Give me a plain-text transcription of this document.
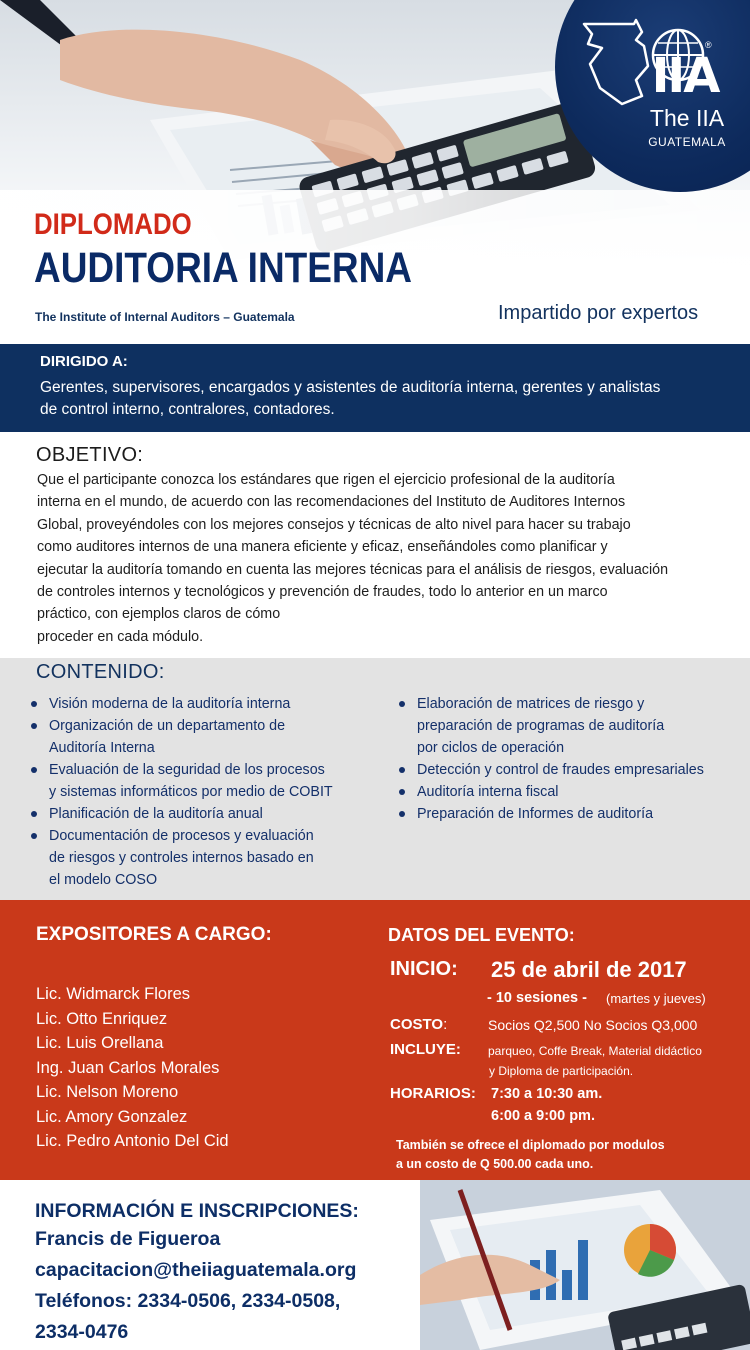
IIA
®
The IIA
GUATEMALA
DIPLOMADO
AUDITORIA INTERNA
The Institute of Internal Auditors – Guatemala	Impartido por expertos
DIRIGIDO A:
Gerentes, supervisores, encargados y asistentes de auditoría interna, gerentes y analistas
de control interno, contralores, contadores.
OBJETIVO:
Que el participante conozca los estándares que rigen el ejercicio profesional de la auditoría
interna en el mundo, de acuerdo con las recomendaciones del Instituto de Auditores Internos
Global, proveyéndoles con los mejores consejos y técnicas de alto nivel para hacer su trabajo
como auditores internos de una manera eficiente y eficaz, enseñándoles como planificar y
ejecutar la auditoría tomando en cuenta las mejores técnicas para el análisis de riesgos, evaluación
de controles internos y tecnológicos y prevención de fraudes, todo lo anterior en un marco
práctico, con ejemplos claros de cómo
proceder en cada módulo.
CONTENIDO:
Visión moderna de la auditoría interna
Organización de un departamento de
Auditoría Interna
Evaluación de la seguridad de los procesos
y sistemas informáticos por medio de COBIT
Planificación de la auditoría anual
Documentación de procesos y evaluación
de riesgos y controles internos basado en
el modelo COSO
Elaboración de matrices de riesgo y
preparación de programas de auditoría
por ciclos de operación
Detección y control de fraudes empresariales
Auditoría interna fiscal
Preparación de Informes de auditoría
EXPOSITORES A CARGO:
Lic. Widmarck Flores
Lic. Otto Enriquez
Lic. Luis Orellana
Ing. Juan Carlos Morales
Lic. Nelson Moreno
Lic. Amory Gonzalez
Lic. Pedro Antonio Del Cid
DATOS DEL EVENTO:
INICIO: 25 de abril de 2017
- 10 sesiones - (martes y jueves)
COSTO:	Socios Q2,500 No Socios Q3,000
INCLUYE: parqueo, Coffe Break, Material didáctico
y Diploma de participación.
HORARIOS: 7:30 a 10:30 am.
6:00 a 9:00 pm.
También se ofrece el diplomado por modulos
a un costo de Q 500.00 cada uno.
INFORMACIÓN E INSCRIPCIONES:
Francis de Figueroa
capacitacion@theiiaguatemala.org
Teléfonos: 2334-0506, 2334-0508,
2334-0476
